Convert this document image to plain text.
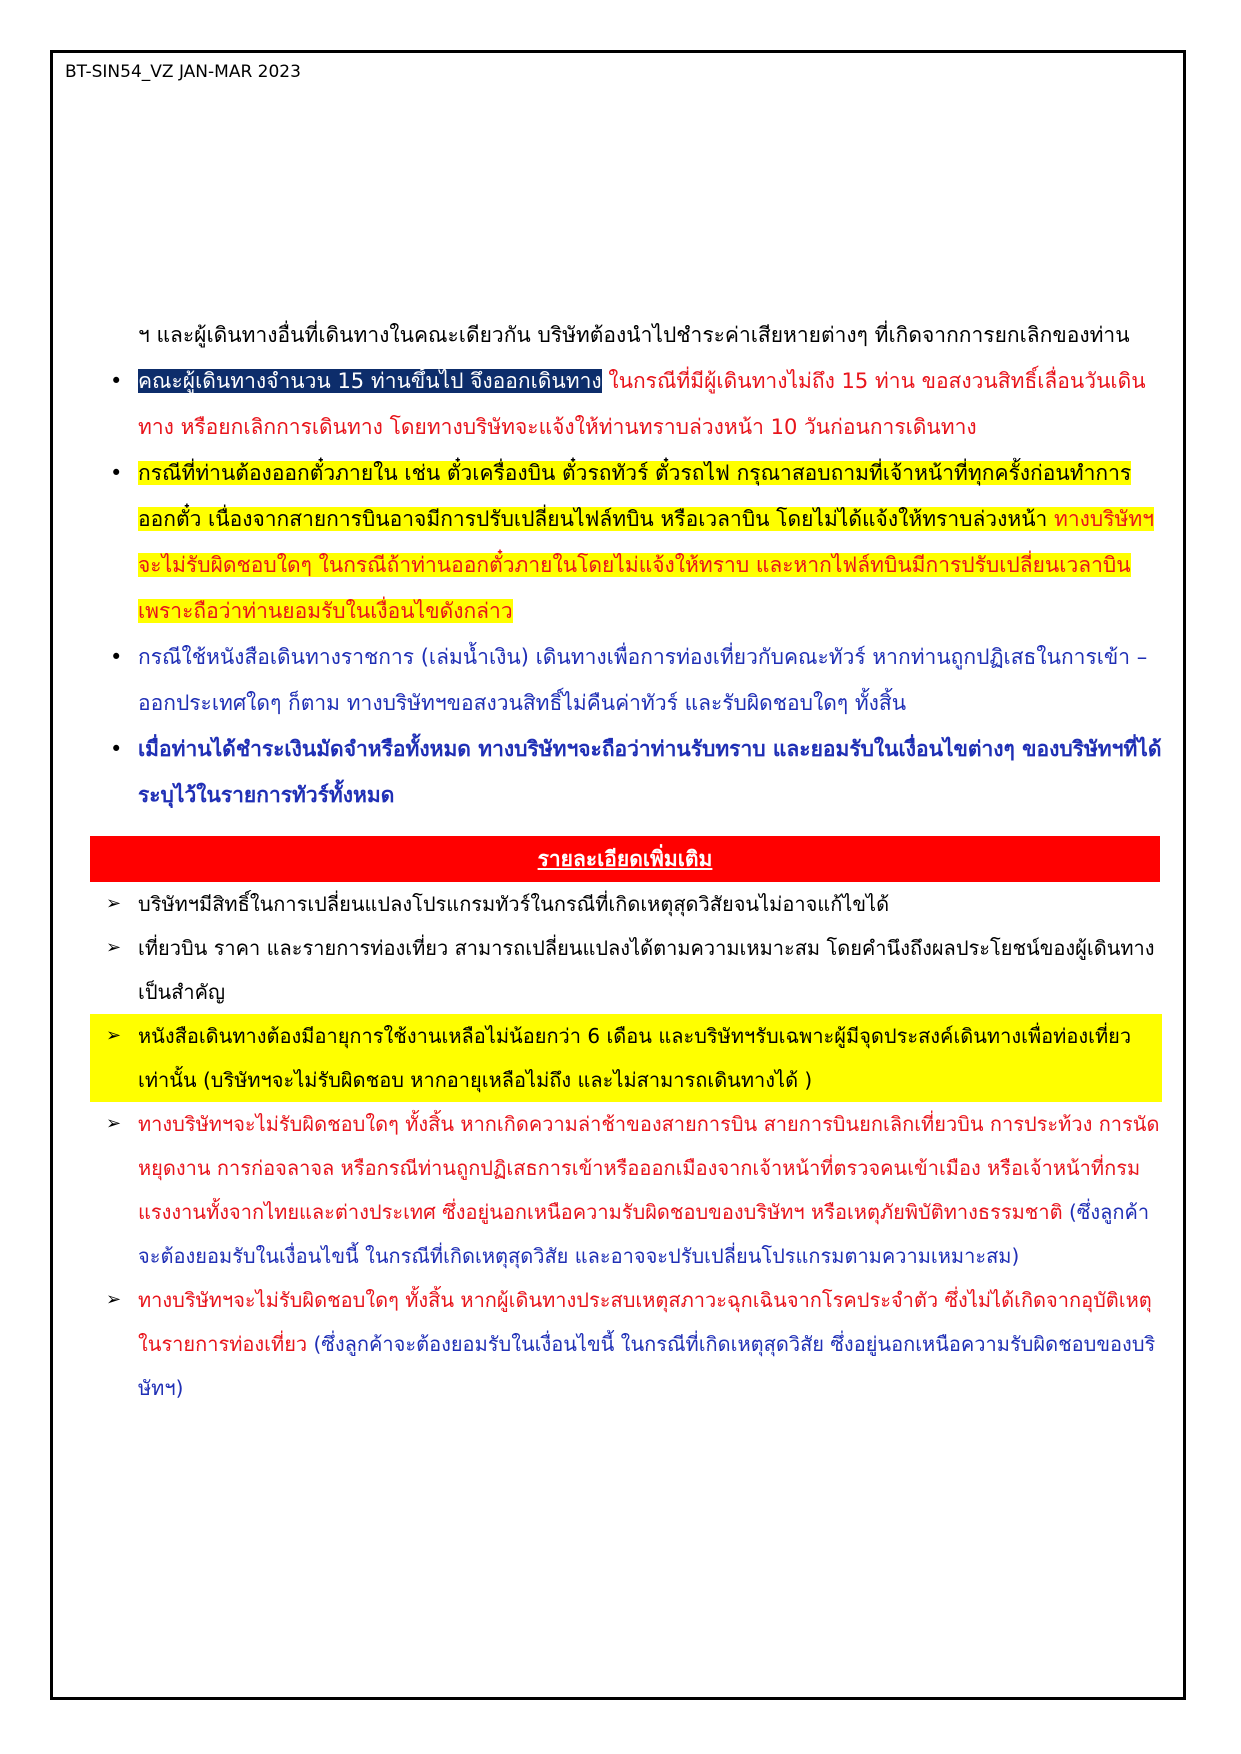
BT-SIN54_VZ JAN-MAR 2023

ฯ และผู้เดินทางอื่นที่เดินทางในคณะเดียวกัน บริษัทต้องนำไปชำระค่าเสียหายต่างๆ ที่เกิดจากการยกเลิกของท่าน

• คณะผู้เดินทางจำนวน 15 ท่านขึ้นไป จึงออกเดินทาง ในกรณีที่มีผู้เดินทางไม่ถึง 15 ท่าน ขอสงวนสิทธิ์เลื่อนวันเดินทาง หรือยกเลิกการเดินทาง โดยทางบริษัทจะแจ้งให้ท่านทราบล่วงหน้า 10 วันก่อนการเดินทาง
• กรณีที่ท่านต้องออกตั๋วภายใน เช่น ตั๋วเครื่องบิน ตั๋วรถทัวร์ ตั๋วรถไฟ กรุณาสอบถามที่เจ้าหน้าที่ทุกครั้งก่อนทำการออกตั๋ว เนื่องจากสายการบินอาจมีการปรับเปลี่ยนไฟล์ทบิน หรือเวลาบิน โดยไม่ได้แจ้งให้ทราบล่วงหน้า ทางบริษัทฯจะไม่รับผิดชอบใดๆ ในกรณีถ้าท่านออกตั๋วภายในโดยไม่แจ้งให้ทราบ และหากไฟล์ทบินมีการปรับเปลี่ยนเวลาบิน เพราะถือว่าท่านยอมรับในเงื่อนไขดังกล่าว
• กรณีใช้หนังสือเดินทางราชการ (เล่มน้ำเงิน) เดินทางเพื่อการท่องเที่ยวกับคณะทัวร์ หากท่านถูกปฏิเสธในการเข้า – ออกประเทศใดๆ ก็ตาม ทางบริษัทฯขอสงวนสิทธิ์ไม่คืนค่าทัวร์ และรับผิดชอบใดๆ ทั้งสิ้น
• เมื่อท่านได้ชำระเงินมัดจำหรือทั้งหมด ทางบริษัทฯจะถือว่าท่านรับทราบ และยอมรับในเงื่อนไขต่างๆ ของบริษัทฯที่ได้ระบุไว้ในรายการทัวร์ทั้งหมด
รายละเอียดเพิ่มเติม
➢ บริษัทฯมีสิทธิ์ในการเปลี่ยนแปลงโปรแกรมทัวร์ในกรณีที่เกิดเหตุสุดวิสัยจนไม่อาจแก้ไขได้
➢ เที่ยวบิน ราคา และรายการท่องเที่ยว สามารถเปลี่ยนแปลงได้ตามความเหมาะสม โดยคำนึงถึงผลประโยชน์ของผู้เดินทางเป็นสำคัญ
➢ หนังสือเดินทางต้องมีอายุการใช้งานเหลือไม่น้อยกว่า 6 เดือน และบริษัทฯรับเฉพาะผู้มีจุดประสงค์เดินทางเพื่อท่องเที่ยวเท่านั้น (บริษัทฯจะไม่รับผิดชอบ หากอายุเหลือไม่ถึง และไม่สามารถเดินทางได้ )
➢ ทางบริษัทฯจะไม่รับผิดชอบใดๆ ทั้งสิ้น หากเกิดความล่าช้าของสายการบิน สายการบินยกเลิกเที่ยวบิน การประท้วง การนัดหยุดงาน การก่อจลาจล หรือกรณีท่านถูกปฏิเสธการเข้าหรือออกเมืองจากเจ้าหน้าที่ตรวจคนเข้าเมือง หรือเจ้าหน้าที่กรมแรงงานทั้งจากไทยและต่างประเทศ ซึ่งอยู่นอกเหนือความรับผิดชอบของบริษัทฯ หรือเหตุภัยพิบัติทางธรรมชาติ (ซึ่งลูกค้าจะต้องยอมรับในเงื่อนไขนี้ ในกรณีที่เกิดเหตุสุดวิสัย และอาจจะปรับเปลี่ยนโปรแกรมตามความเหมาะสม)
➢ ทางบริษัทฯจะไม่รับผิดชอบใดๆ ทั้งสิ้น หากผู้เดินทางประสบเหตุสภาวะฉุกเฉินจากโรคประจำตัว ซึ่งไม่ได้เกิดจากอุบัติเหตุในรายการท่องเที่ยว (ซึ่งลูกค้าจะต้องยอมรับในเงื่อนไขนี้ ในกรณีที่เกิดเหตุสุดวิสัย ซึ่งอยู่นอกเหนือความรับผิดชอบของบริษัทฯ)
